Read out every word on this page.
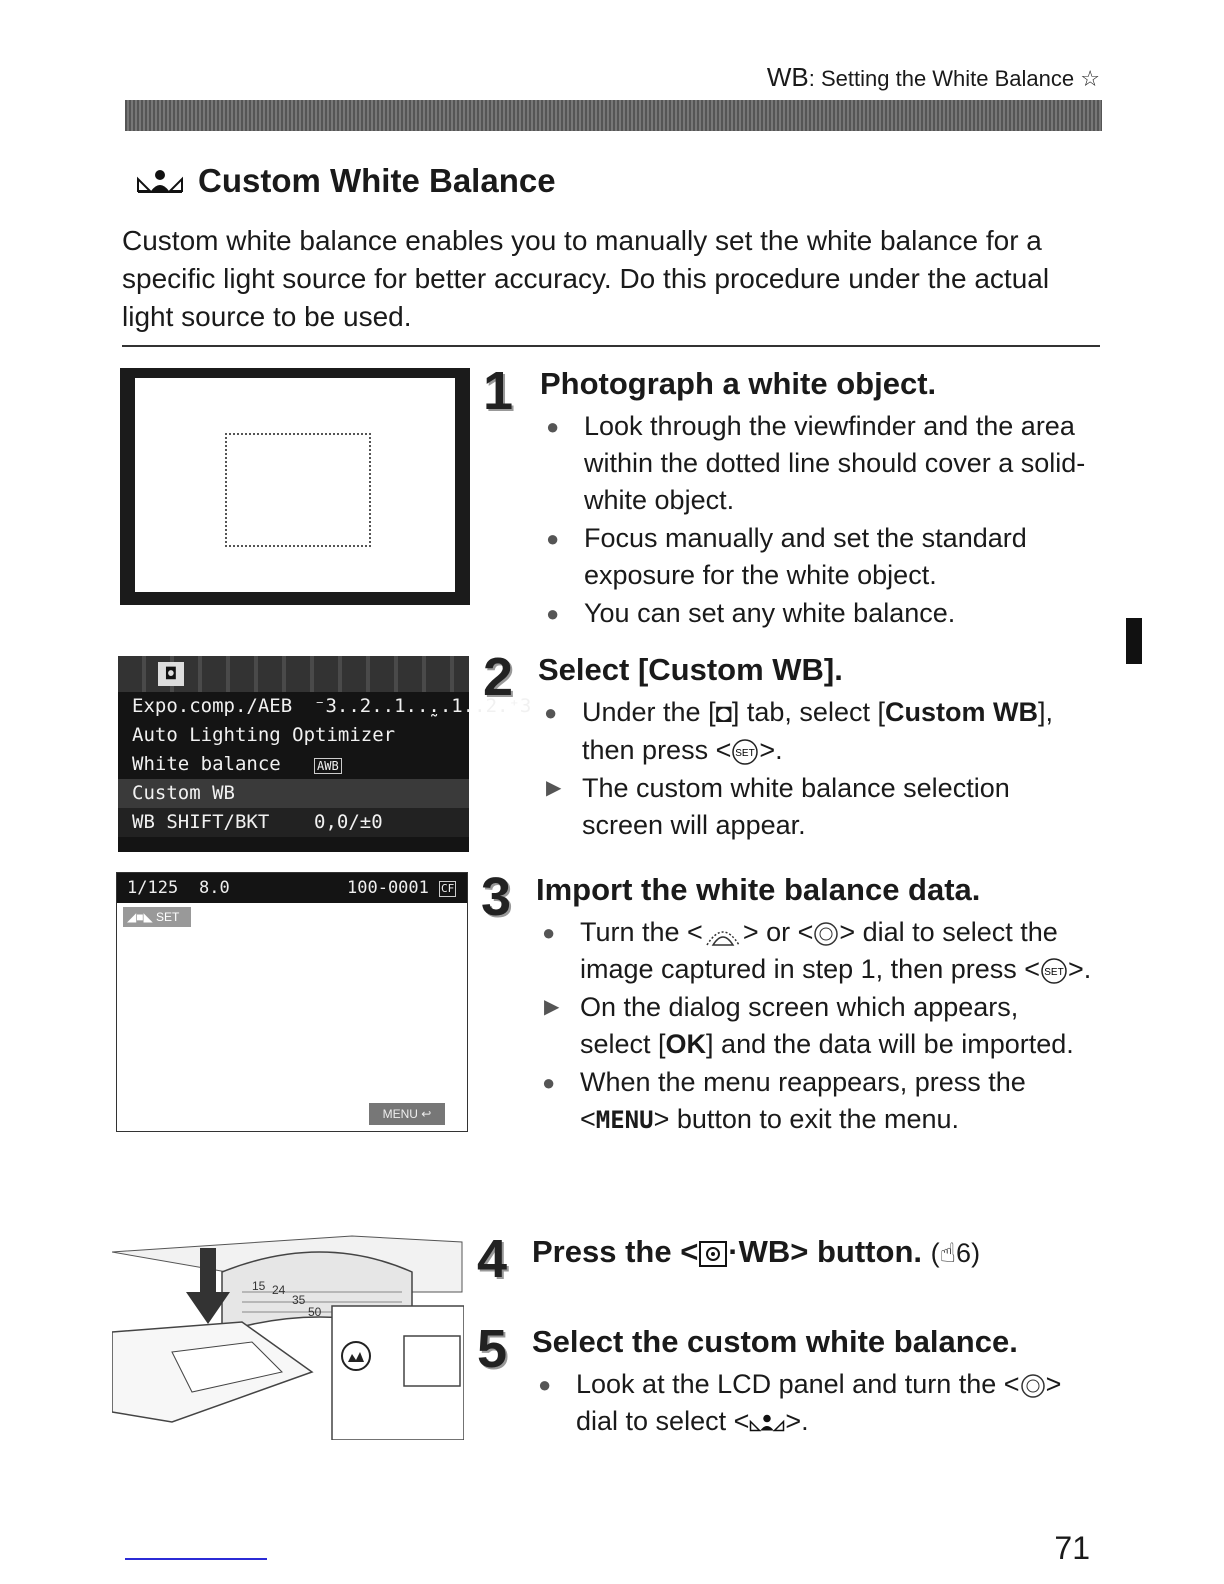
WB: Setting the White Balance ☆
Custom White Balance
Custom white balance enables you to manually set the white balance for a specific light source for better accuracy. Do this procedure under the actual light source to be used.
1 Photograph a white object.
● Look through the viewfinder and the area within the dotted line should cover a solid-white object.
● Focus manually and set the standard exposure for the white object.
● You can set any white balance.
◘
Expo.comp./AEB ⁻3..2..1..̰..1..2.⁺3
Auto Lighting Optimizer
White balance	AWB
Custom WB
WB SHIFT/BKT 0,0/±0
2 Select [Custom WB].
● Under the [◘] tab, select [Custom WB], then press < SET >.
▶ The custom white balance selection screen will appear.
1/125 8.0	100-0001 CF
◢■◣ SET
MENU ↩
3 Import the white balance data.
● Turn the < > or < > dial to select the image captured in step 1, then press < SET >.
▶ On the dialog screen which appears, select [OK] and the data will be imported.
● When the menu reappears, press the <MENU> button to exit the menu.
15 24
35
50
4 Press the < ·WB> button. (☝6)
5 Select the custom white balance.
● Look at the LCD panel and turn the < > dial to select < >.
71
